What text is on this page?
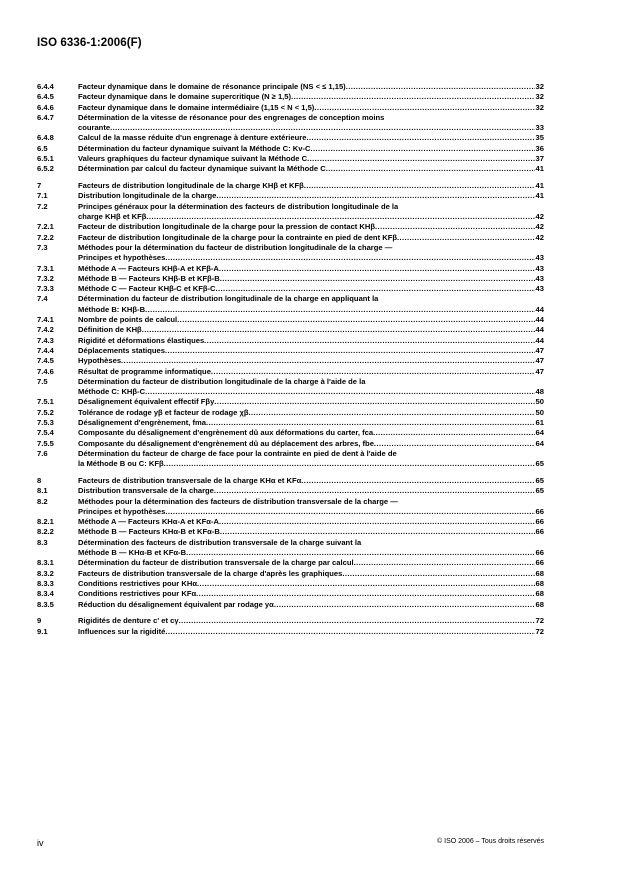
ISO 6336-1:2006(F)
6.4.4	Facteur dynamique dans le domaine de résonance principale (NS < ≤ 1,15) .....	32
6.4.5	Facteur dynamique dans le domaine supercritique (N ≥ 1,5) .....	32
6.4.6	Facteur dynamique dans le domaine intermédiaire (1,15 < N < 1,5) .....	32
6.4.7	Détermination de la vitesse de résonance pour des engrenages de conception moins
courante .....	33
6.4.8	Calcul de la masse réduite d'un engrenage à denture extérieure .....	35
6.5	Détermination du facteur dynamique suivant la Méthode C: Kv-C .....	36
6.5.1	Valeurs graphiques du facteur dynamique suivant la Méthode C .....	37
6.5.2	Détermination par calcul du facteur dynamique suivant la Méthode C .....	41
7	Facteurs de distribution longitudinale de la charge KHβ et KFβ .....	41
7.1	Distribution longitudinale de la charge .....	41
7.2	Principes généraux pour la détermination des facteurs de distribution longitudinale de la
charge KHβ et KFβ .....	42
7.2.1	Facteur de distribution longitudinale de la charge pour la pression de contact KHβ .....	42
7.2.2	Facteur de distribution longitudinale de la charge pour la contrainte en pied de dent KFβ .....	42
7.3	Méthodes pour la détermination du facteur de distribution longitudinale de la charge —
Principes et hypothèses .....	43
7.3.1	Méthode A — Facteurs KHβ-A et KFβ-A .....	43
7.3.2	Méthode B — Facteurs KHβ-B et KFβ-B .....	43
7.3.3	Méthode C — Facteur KHβ-C et KFβ-C .....	43
7.4	Détermination du facteur de distribution longitudinale de la charge en appliquant la
Méthode B: KHβ-B .....	44
7.4.1	Nombre de points de calcul .....	44
7.4.2	Définition de KHβ .....	44
7.4.3	Rigidité et déformations élastiques .....	44
7.4.4	Déplacements statiques .....	47
7.4.5	Hypothèses .....	47
7.4.6	Résultat de programme informatique .....	47
7.5	Détermination du facteur de distribution longitudinale de la charge à l'aide de la
Méthode C: KHβ-C .....	48
7.5.1	Désalignement équivalent effectif Fβy .....	50
7.5.2	Tolérance de rodage yβ et facteur de rodage χβ .....	50
7.5.3	Désalignement d'engrènement, fma .....	61
7.5.4	Composante du désalignement d'engrènement dû aux déformations du carter, fca .....	64
7.5.5	Composante du désalignement d'engrènement dû au déplacement des arbres, fbe .....	64
7.6	Détermination du facteur de charge de face pour la contrainte en pied de dent à l'aide de
la Méthode B ou C: KFβ .....	65
8	Facteurs de distribution transversale de la charge KHα et KFα .....	65
8.1	Distribution transversale de la charge .....	65
8.2	Méthodes pour la détermination des facteurs de distribution transversale de la charge —
Principes et hypothèses .....	66
8.2.1	Méthode A — Facteurs KHα-A et KFα-A .....	66
8.2.2	Méthode B — Facteurs KHα-B et KFα-B .....	66
8.3	Détermination des facteurs de distribution transversale de la charge suivant la
Méthode B — KHα-B et KFα-B .....	66
8.3.1	Détermination du facteur de distribution transversale de la charge par calcul .....	66
8.3.2	Facteurs de distribution transversale de la charge d'après les graphiques .....	68
8.3.3	Conditions restrictives pour KHα .....	68
8.3.4	Conditions restrictives pour KFα .....	68
8.3.5	Réduction du désalignement équivalent par rodage yα .....	68
9	Rigidités de denture c' et cγ .....	72
9.1	Influences sur la rigidité .....	72
iv	© ISO 2006 – Tous droits réservés
